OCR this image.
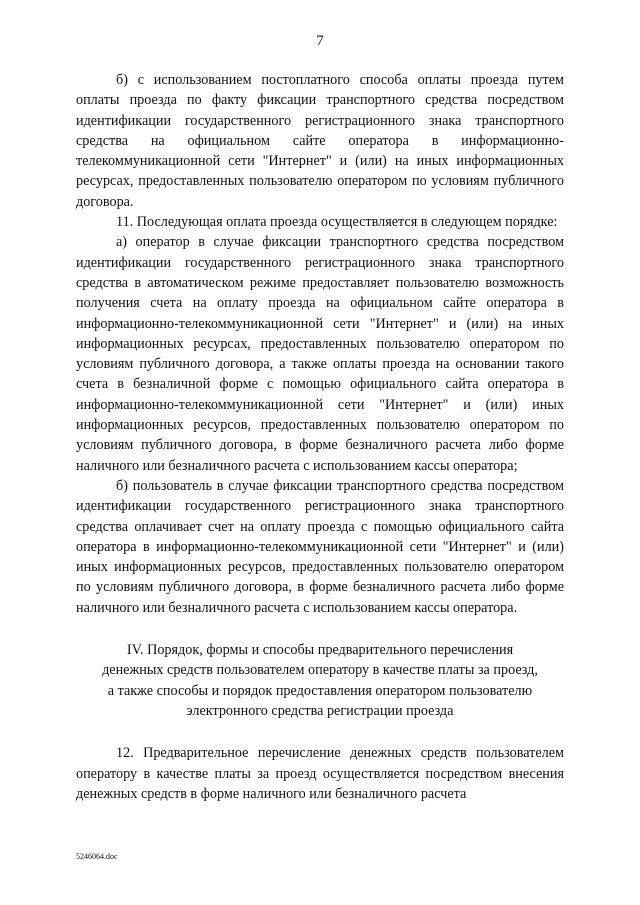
7

б) с использованием постоплатного способа оплаты проезда путем оплаты проезда по факту фиксации транспортного средства посредством идентификации государственного регистрационного знака транспортного средства на официальном сайте оператора в информационно-телекоммуникационной сети "Интернет" и (или) на иных информационных ресурсах, предоставленных пользователю оператором по условиям публичного договора.

11. Последующая оплата проезда осуществляется в следующем порядке:

а) оператор в случае фиксации транспортного средства посредством идентификации государственного регистрационного знака транспортного средства в автоматическом режиме предоставляет пользователю возможность получения счета на оплату проезда на официальном сайте оператора в информационно-телекоммуникационной сети "Интернет" и (или) на иных информационных ресурсах, предоставленных пользователю оператором по условиям публичного договора, а также оплаты проезда на основании такого счета в безналичной форме с помощью официального сайта оператора в информационно-телекоммуникационной сети "Интернет" и (или) иных информационных ресурсов, предоставленных пользователю оператором по условиям публичного договора, в форме безналичного расчета либо форме наличного или безналичного расчета с использованием кассы оператора;

б) пользователь в случае фиксации транспортного средства посредством идентификации государственного регистрационного знака транспортного средства оплачивает счет на оплату проезда с помощью официального сайта оператора в информационно-телекоммуникационной сети "Интернет" и (или) иных информационных ресурсов, предоставленных пользователю оператором по условиям публичного договора, в форме безналичного расчета либо форме наличного или безналичного расчета с использованием кассы оператора.

IV. Порядок, формы и способы предварительного перечисления
денежных средств пользователем оператору в качестве платы за проезд,
а также способы и порядок предоставления оператором пользователю
электронного средства регистрации проезда

12. Предварительное перечисление денежных средств пользователем оператору в качестве платы за проезд осуществляется посредством внесения денежных средств в форме наличного или безналичного расчета

5246064.doc
